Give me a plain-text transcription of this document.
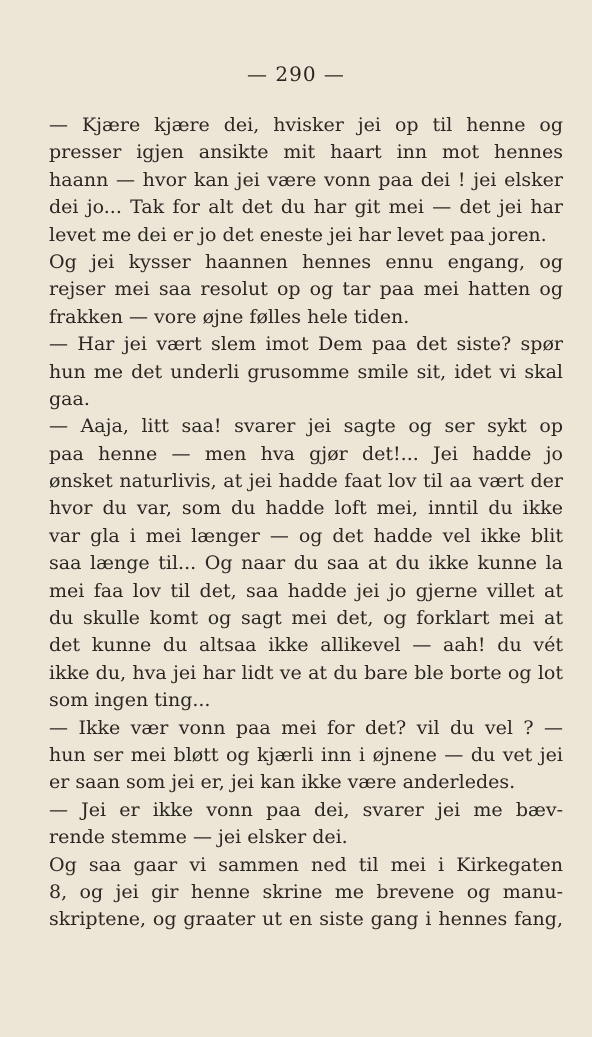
— 290 —
— Kjære kjære dei, hvisker jei op til henne og
presser igjen ansikte mit haart inn mot hennes
haann — hvor kan jei være vonn paa dei ! jei elsker
dei jo... Tak for alt det du har git mei — det jei har
levet me dei er jo det eneste jei har levet paa joren.
Og jei kysser haannen hennes ennu engang, og
rejser mei saa resolut op og tar paa mei hatten og
frakken — vore øjne følles hele tiden.
— Har jei vært slem imot Dem paa det siste? spør
hun me det underli grusomme smile sit, idet vi skal
gaa.
— Aaja, litt saa! svarer jei sagte og ser sykt op
paa henne — men hva gjør det!... Jei hadde jo
ønsket naturlivis, at jei hadde faat lov til aa vært der
hvor du var, som du hadde loft mei, inntil du ikke
var gla i mei længer — og det hadde vel ikke blit
saa længe til... Og naar du saa at du ikke kunne la
mei faa lov til det, saa hadde jei jo gjerne villet at
du skulle komt og sagt mei det, og forklart mei at
det kunne du altsaa ikke allikevel — aah! du vét
ikke du, hva jei har lidt ve at du bare ble borte og lot
som ingen ting...
— Ikke vær vonn paa mei for det? vil du vel ? —
hun ser mei bløtt og kjærli inn i øjnene — du vet jei
er saan som jei er, jei kan ikke være anderledes.
— Jei er ikke vonn paa dei, svarer jei me bæv-
rende stemme — jei elsker dei.
Og saa gaar vi sammen ned til mei i Kirkegaten
8, og jei gir henne skrine me brevene og manu-
skriptene, og graater ut en siste gang i hennes fang,
